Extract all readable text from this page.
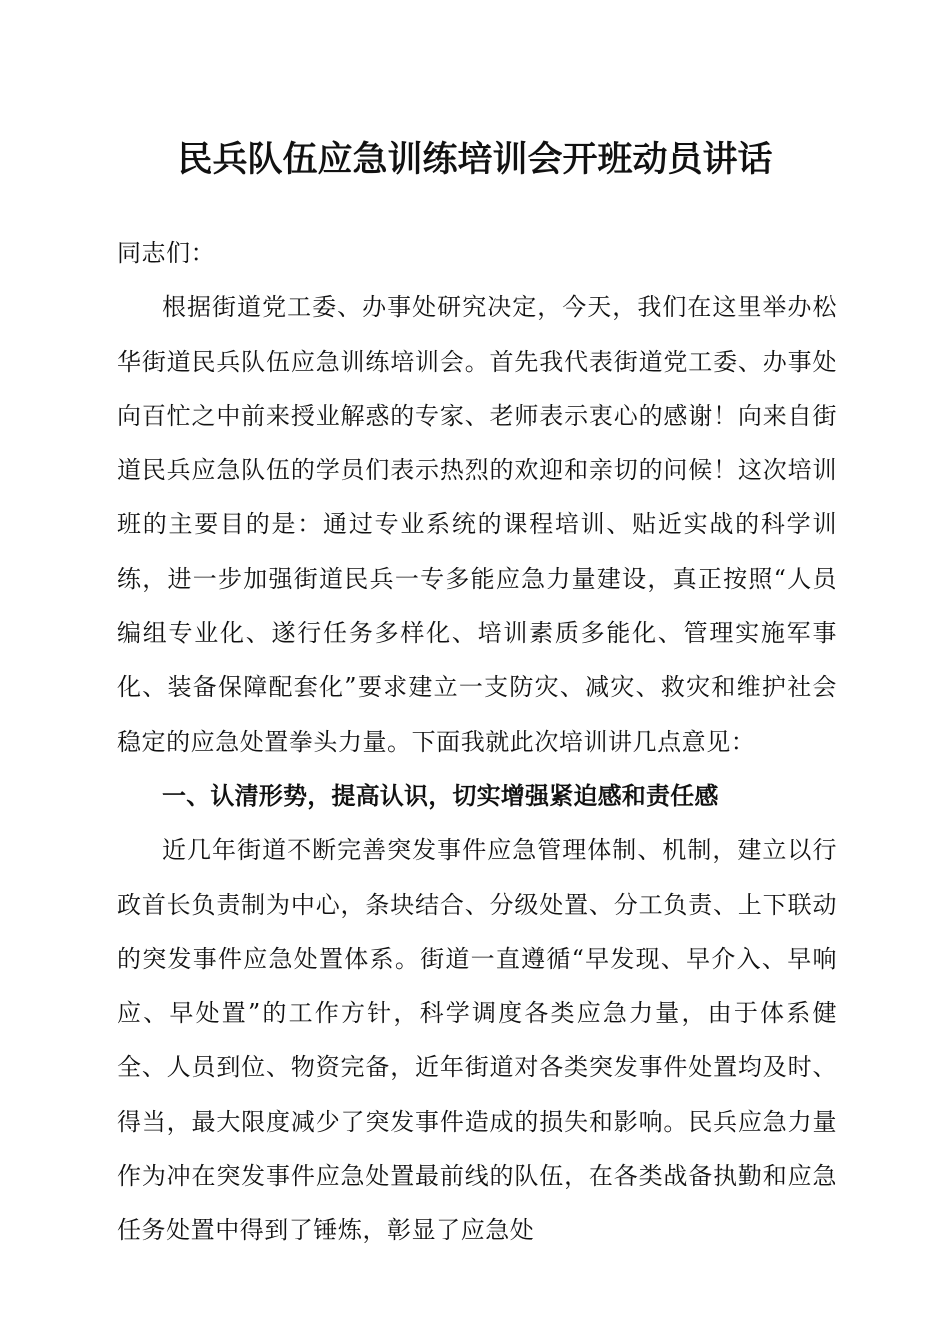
民兵队伍应急训练培训会开班动员讲话

同志们：

根据街道党工委、办事处研究决定，今天，我们在这里举办松华街道民兵队伍应急训练培训会。首先我代表街道党工委、办事处向百忙之中前来授业解惑的专家、老师表示衷心的感谢！向来自街道民兵应急队伍的学员们表示热烈的欢迎和亲切的问候！这次培训班的主要目的是：通过专业系统的课程培训、贴近实战的科学训练，进一步加强街道民兵一专多能应急力量建设，真正按照“人员编组专业化、遂行任务多样化、培训素质多能化、管理实施军事化、装备保障配套化”要求建立一支防灾、减灾、救灾和维护社会稳定的应急处置拳头力量。下面我就此次培训讲几点意见：

一、认清形势，提高认识，切实增强紧迫感和责任感

近几年街道不断完善突发事件应急管理体制、机制，建立以行政首长负责制为中心，条块结合、分级处置、分工负责、上下联动的突发事件应急处置体系。街道一直遵循“早发现、早介入、早响应、早处置”的工作方针，科学调度各类应急力量，由于体系健全、人员到位、物资完备，近年街道对各类突发事件处置均及时、得当，最大限度减少了突发事件造成的损失和影响。民兵应急力量作为冲在突发事件应急处置最前线的队伍，在各类战备执勤和应急任务处置中得到了锤炼，彰显了应急处
